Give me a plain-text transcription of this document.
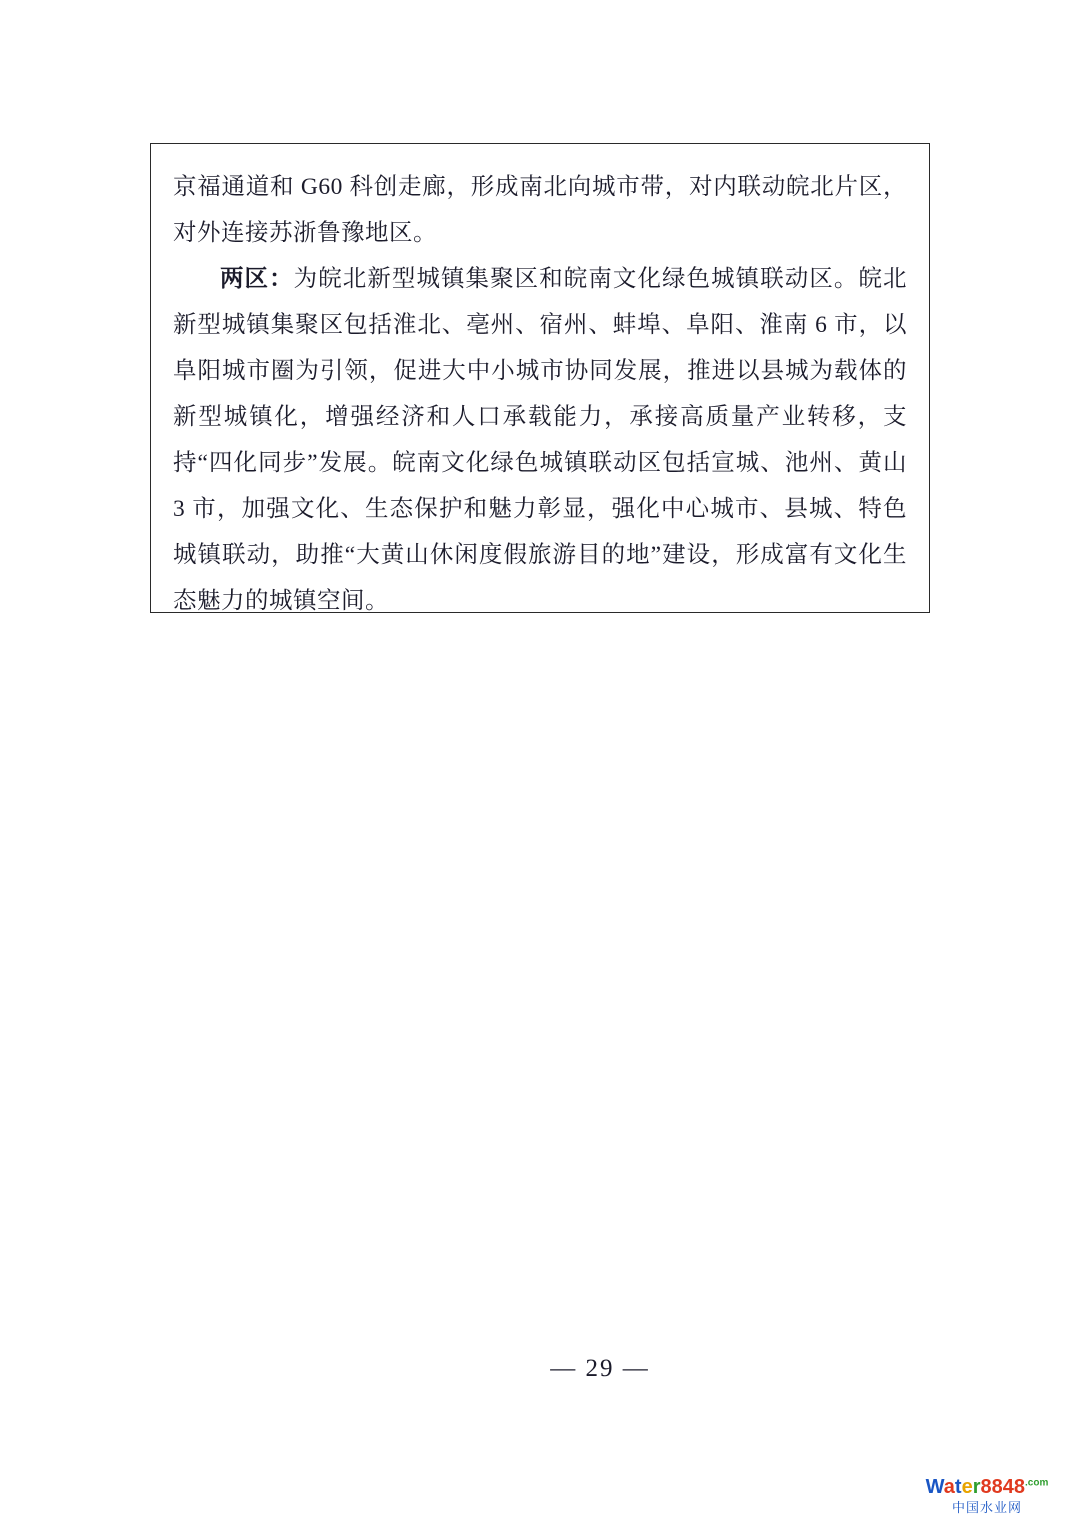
京福通道和 G60 科创走廊，形成南北向城市带，对内联动皖北片区，对外连接苏浙鲁豫地区。

两区：为皖北新型城镇集聚区和皖南文化绿色城镇联动区。皖北新型城镇集聚区包括淮北、亳州、宿州、蚌埠、阜阳、淮南 6 市，以阜阳城市圈为引领，促进大中小城市协同发展，推进以县城为载体的新型城镇化，增强经济和人口承载能力，承接高质量产业转移，支持“四化同步”发展。皖南文化绿色城镇联动区包括宣城、池州、黄山 3 市，加强文化、生态保护和魅力彰显，强化中心城市、县城、特色城镇联动，助推“大黄山休闲度假旅游目的地”建设，形成富有文化生态魅力的城镇空间。

— 29 —
$Water8848^{.com}$
中国水业网
